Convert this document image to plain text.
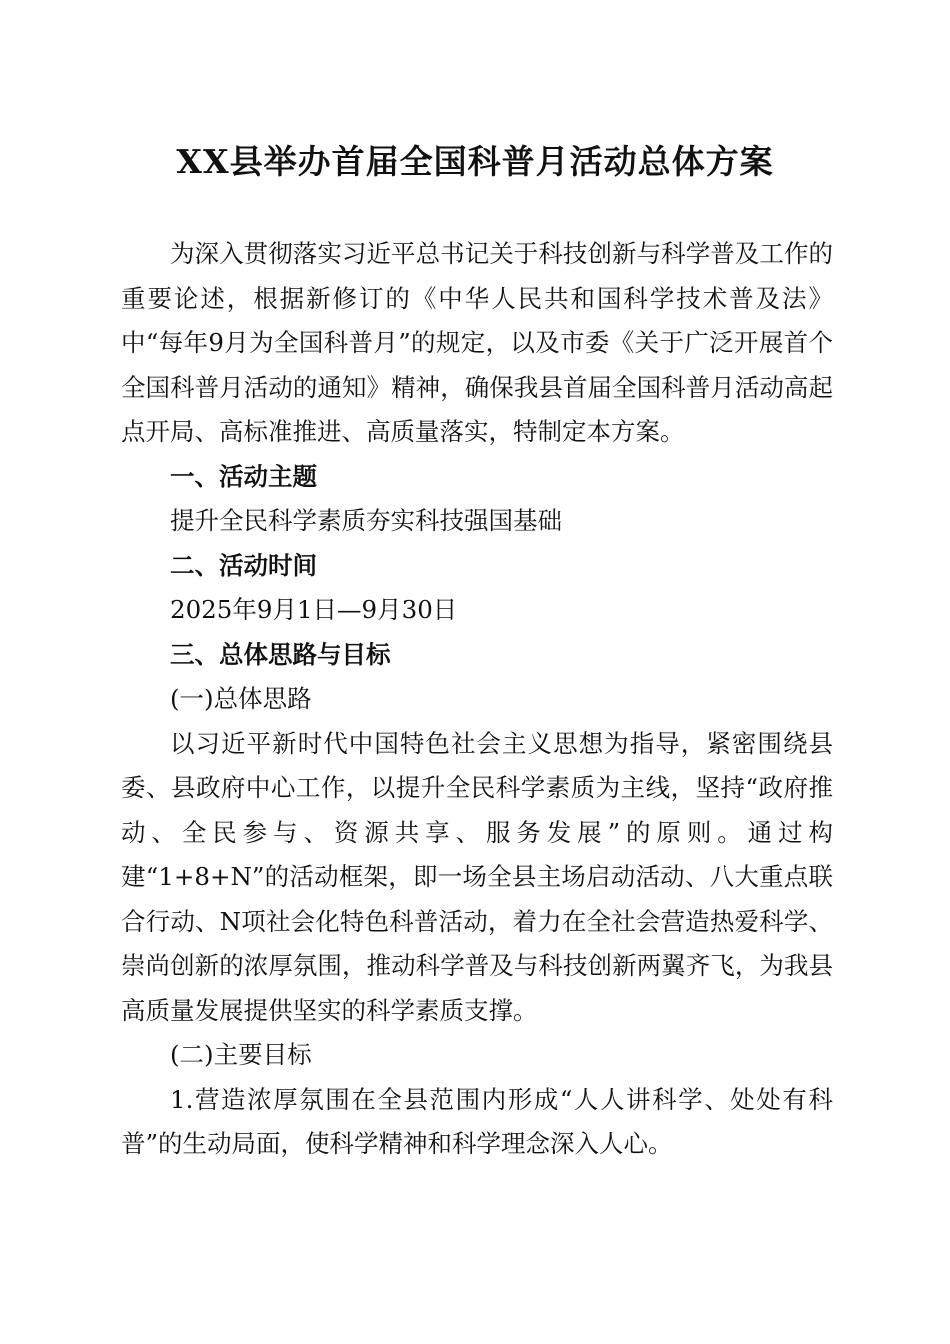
XX县举办首届全国科普月活动总体方案

为深入贯彻落实习近平总书记关于科技创新与科学普及工作的重要论述，根据新修订的《中华人民共和国科学技术普及法》中“每年9月为全国科普月”的规定，以及市委《关于广泛开展首个全国科普月活动的通知》精神，确保我县首届全国科普月活动高起点开局、高标准推进、高质量落实，特制定本方案。

一、活动主题

提升全民科学素质夯实科技强国基础

二、活动时间

2025年9月1日—9月30日

三、总体思路与目标

(一)总体思路

以习近平新时代中国特色社会主义思想为指导，紧密围绕县委、县政府中心工作，以提升全民科学素质为主线，坚持“政府推动、全民参与、资源共享、服务发展”的原则。通过构建“1+8+N”的活动框架，即一场全县主场启动活动、八大重点联合行动、N项社会化特色科普活动，着力在全社会营造热爱科学、崇尚创新的浓厚氛围，推动科学普及与科技创新两翼齐飞，为我县高质量发展提供坚实的科学素质支撑。

(二)主要目标

1.营造浓厚氛围在全县范围内形成“人人讲科学、处处有科普”的生动局面，使科学精神和科学理念深入人心。
